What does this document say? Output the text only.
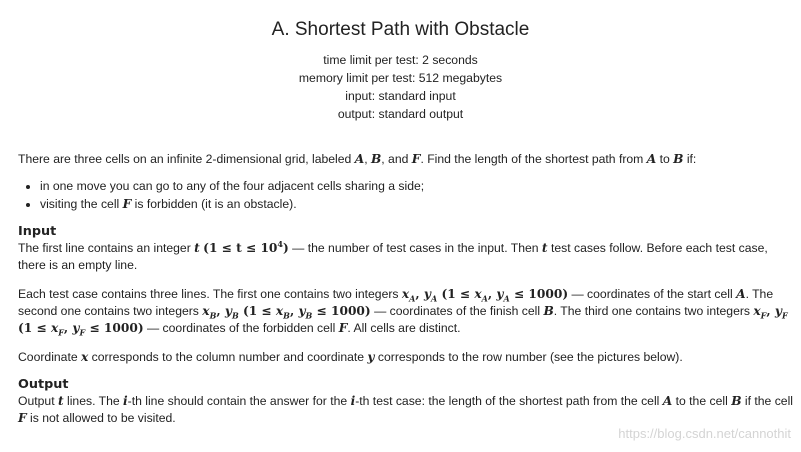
A. Shortest Path with Obstacle
time limit per test: 2 seconds
memory limit per test: 512 megabytes
input: standard input
output: standard output

There are three cells on an infinite 2-dimensional grid, labeled A, B, and F. Find the length of the shortest path from A to B if:

• in one move you can go to any of the four adjacent cells sharing a side;
• visiting the cell F is forbidden (it is an obstacle).
Input

The first line contains an integer t $(1 \le t \le 10^4)$ — the number of test cases in the input. Then t test cases follow. Before each test case, there is an empty line.

Each test case contains three lines. The first one contains two integers $x_A$, $y_A$ ($1 \le x_A$, $y_A \le 1000$) — coordinates of the start cell A. The second one contains two integers $x_B$, $y_B$ ($1 \le x_B$, $y_B \le 1000$) — coordinates of the finish cell B. The third one contains two integers $x_F$, $y_F$ ($1 \le x_F$, $y_F \le 1000$) — coordinates of the forbidden cell F. All cells are distinct.

Coordinate x corresponds to the column number and coordinate y corresponds to the row number (see the pictures below).

Output

Output t lines. The i-th line should contain the answer for the i-th test case: the length of the shortest path from the cell A to the cell B if the cell F is not allowed to be visited.

https://blog.csdn.net/cannothit
